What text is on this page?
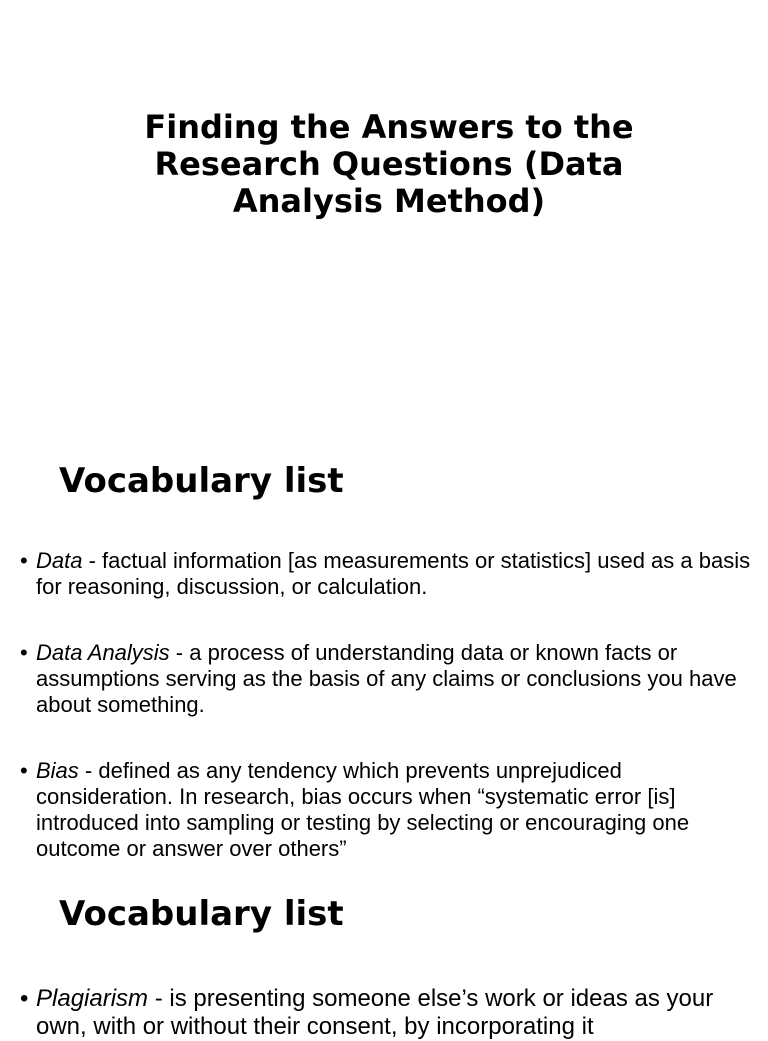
Finding the Answers to the Research Questions (Data Analysis Method)
Vocabulary list
• Data - factual information [as measurements or statistics] used as a basis for reasoning, discussion, or calculation.
• Data Analysis - a process of understanding data or known facts or assumptions serving as the basis of any claims or conclusions you have about something.
• Bias - defined as any tendency which prevents unprejudiced consideration. In research, bias occurs when “systematic error [is] introduced into sampling or testing by selecting or encouraging one outcome or answer over others”
Vocabulary list
• Plagiarism - is presenting someone else’s work or ideas as your own, with or without their consent, by incorporating it
